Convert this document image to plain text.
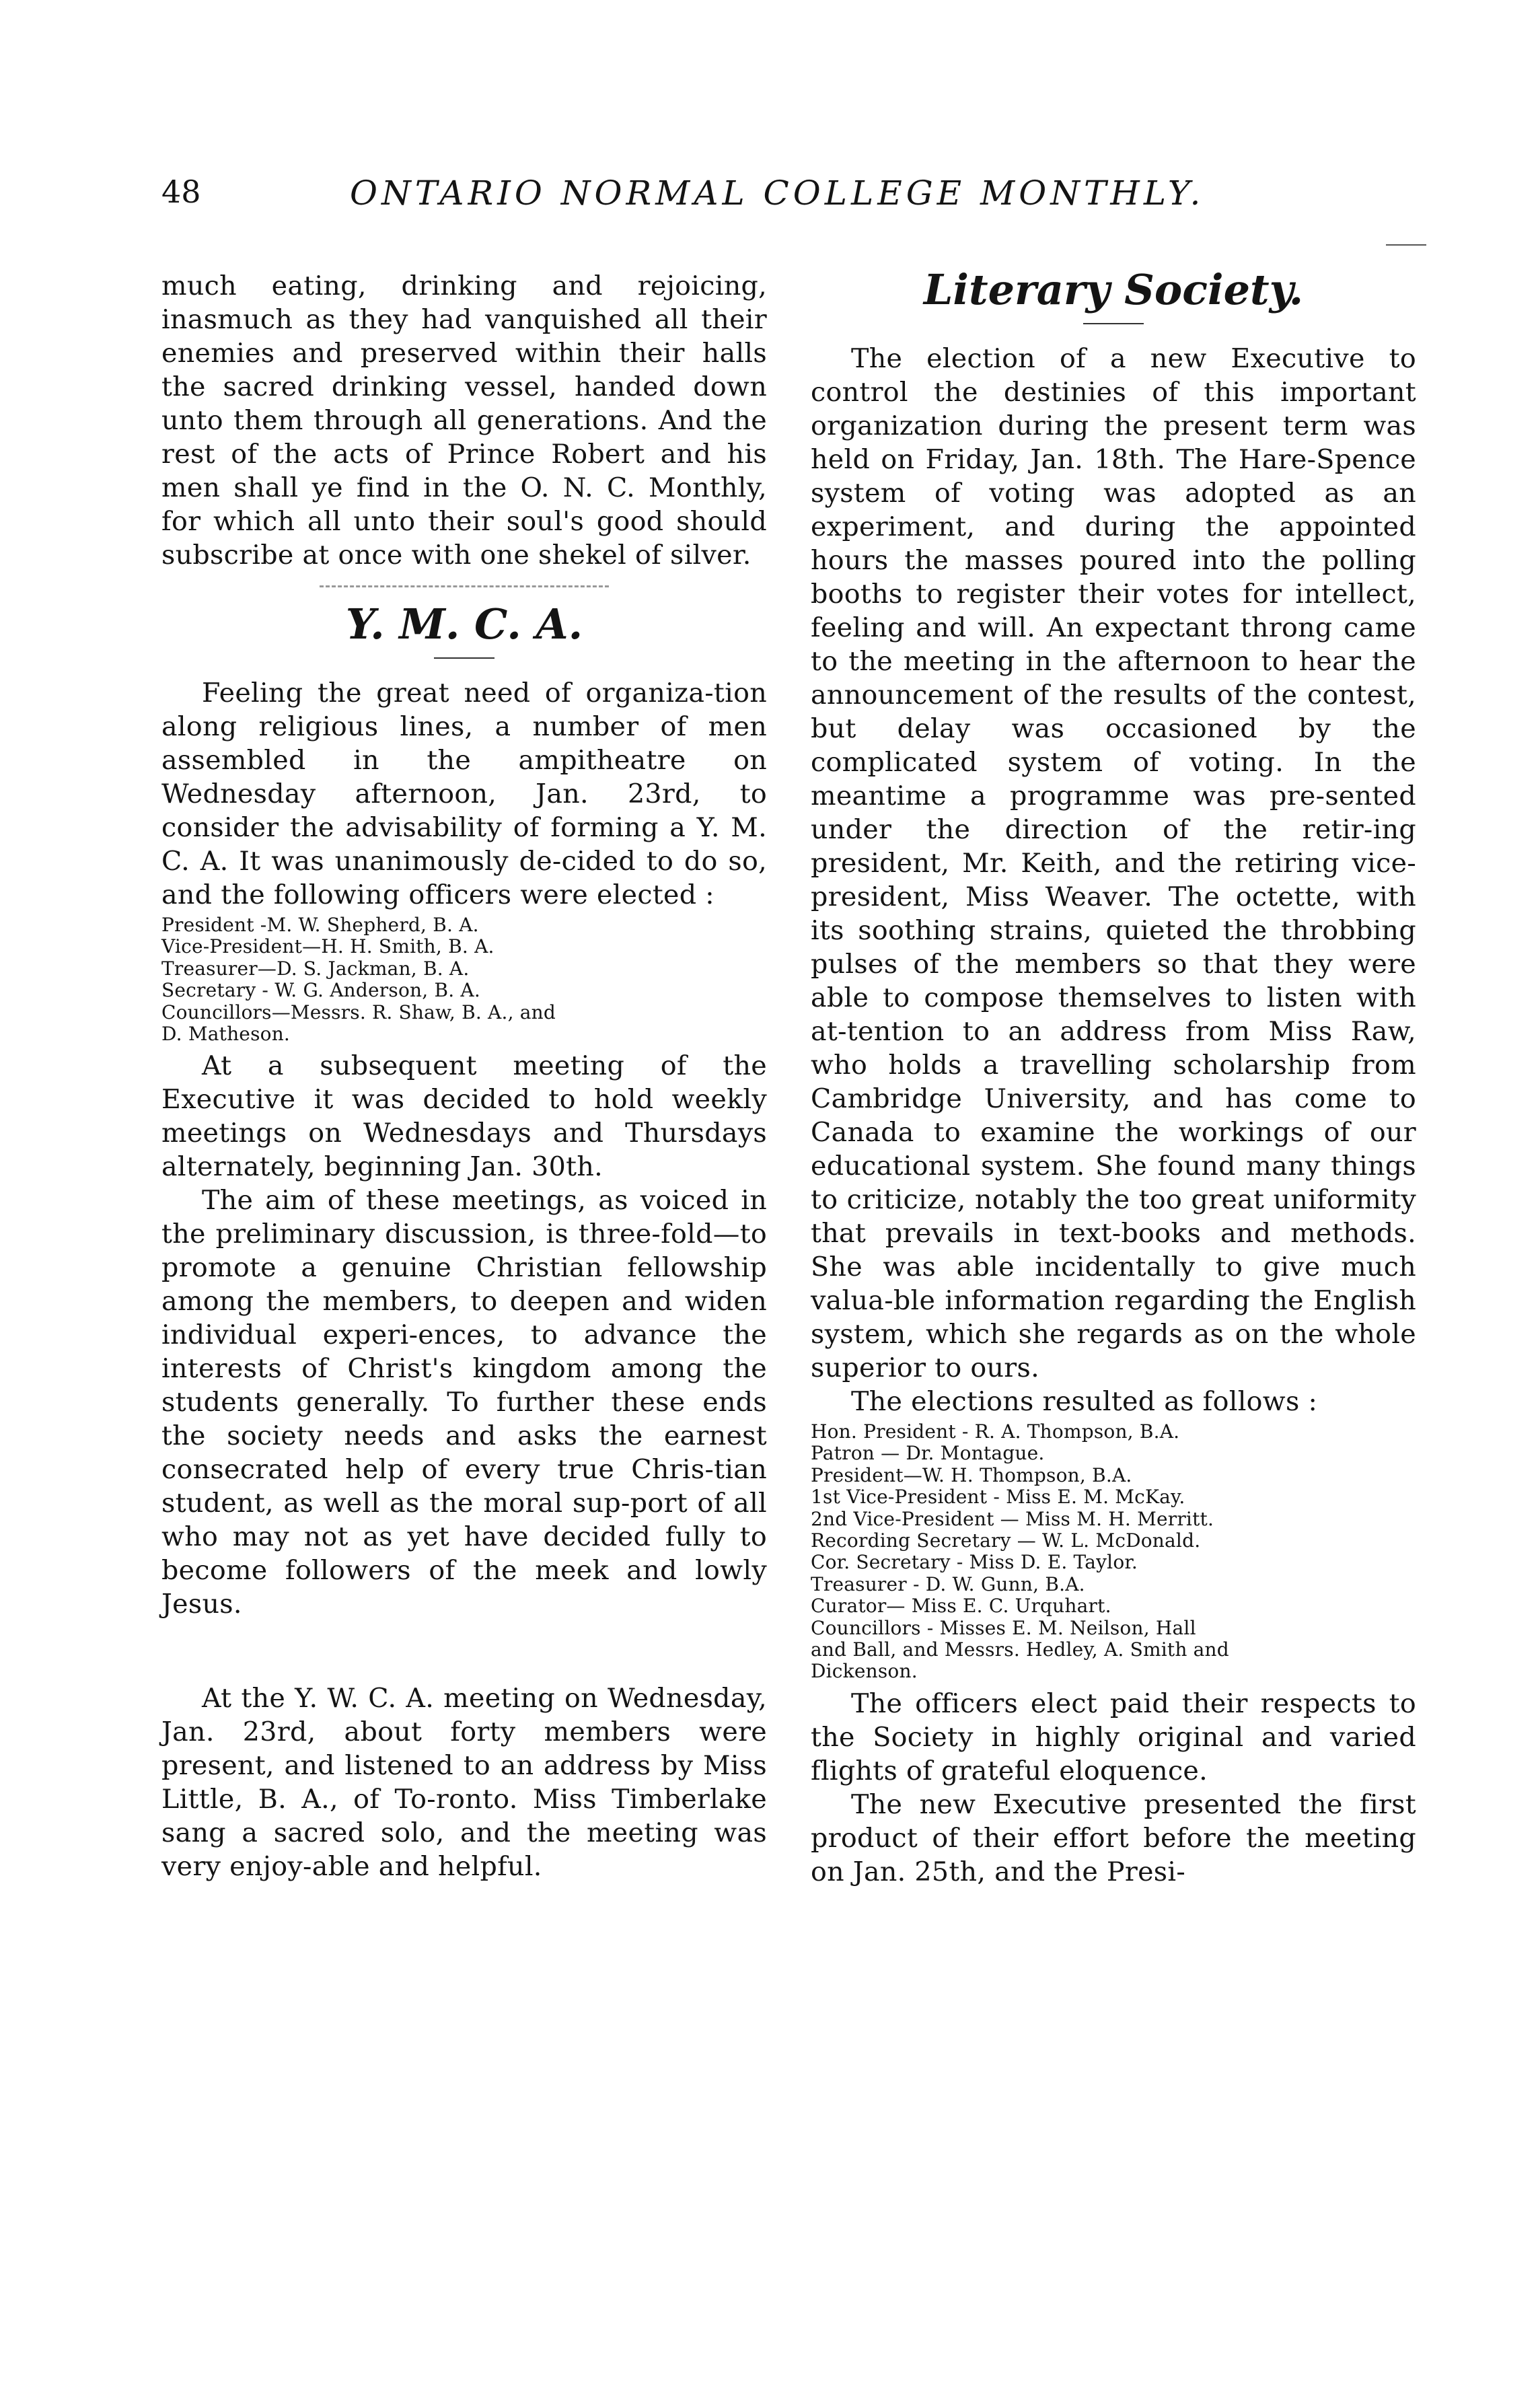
48	ONTARIO NORMAL COLLEGE MONTHLY.

much eating, drinking and rejoicing, inasmuch as they had vanquished all their enemies and preserved within their halls the sacred drinking vessel, handed down unto them through all generations. And the rest of the acts of Prince Robert and his men shall ye find in the O. N. C. Monthly, for which all unto their soul's good should subscribe at once with one shekel of silver.

Y. M. C. A.

Feeling the great need of organiza-tion along religious lines, a number of men assembled in the ampitheatre on Wednesday afternoon, Jan. 23rd, to consider the advisability of forming a Y. M. C. A. It was unanimously de-cided to do so, and the following officers were elected :

President -M. W. Shepherd, B. A.
Vice-President—H. H. Smith, B. A.
Treasurer—D. S. Jackman, B. A.
Secretary - W. G. Anderson, B. A.
Councillors—Messrs. R. Shaw, B. A., and
D. Matheson.

At a subsequent meeting of the Executive it was decided to hold weekly meetings on Wednesdays and Thursdays alternately, beginning Jan. 30th.

The aim of these meetings, as voiced in the preliminary discussion, is three-fold—to promote a genuine Christian fellowship among the members, to deepen and widen individual experi-ences, to advance the interests of Christ's kingdom among the students generally. To further these ends the society needs and asks the earnest consecrated help of every true Chris-tian student, as well as the moral sup-port of all who may not as yet have decided fully to become followers of the meek and lowly Jesus.

At the Y. W. C. A. meeting on Wednesday, Jan. 23rd, about forty members were present, and listened to an address by Miss Little, B. A., of To-ronto. Miss Timberlake sang a sacred solo, and the meeting was very enjoy-able and helpful.

Literary Society.

The election of a new Executive to control the destinies of this important organization during the present term was held on Friday, Jan. 18th. The Hare-Spence system of voting was adopted as an experiment, and during the appointed hours the masses poured into the polling booths to register their votes for intellect, feeling and will. An expectant throng came to the meeting in the afternoon to hear the announcement of the results of the contest, but delay was occasioned by the complicated system of voting. In the meantime a programme was pre-sented under the direction of the retir-ing president, Mr. Keith, and the retiring vice-president, Miss Weaver. The octette, with its soothing strains, quieted the throbbing pulses of the members so that they were able to compose themselves to listen with at-tention to an address from Miss Raw, who holds a travelling scholarship from Cambridge University, and has come to Canada to examine the workings of our educational system. She found many things to criticize, notably the too great uniformity that prevails in text-books and methods. She was able incidentally to give much valua-ble information regarding the English system, which she regards as on the whole superior to ours.

The elections resulted as follows :

Hon. President - R. A. Thompson, B.A.
Patron — Dr. Montague.
President—W. H. Thompson, B.A.
1st Vice-President - Miss E. M. McKay.
2nd Vice-President — Miss M. H. Merritt.
Recording Secretary — W. L. McDonald.
Cor. Secretary - Miss D. E. Taylor.
Treasurer - D. W. Gunn, B.A.
Curator— Miss E. C. Urquhart.
Councillors - Misses E. M. Neilson, Hall
and Ball, and Messrs. Hedley, A. Smith and
Dickenson.

The officers elect paid their respects to the Society in highly original and varied flights of grateful eloquence.

The new Executive presented the first product of their effort before the meeting on Jan. 25th, and the Presi-
